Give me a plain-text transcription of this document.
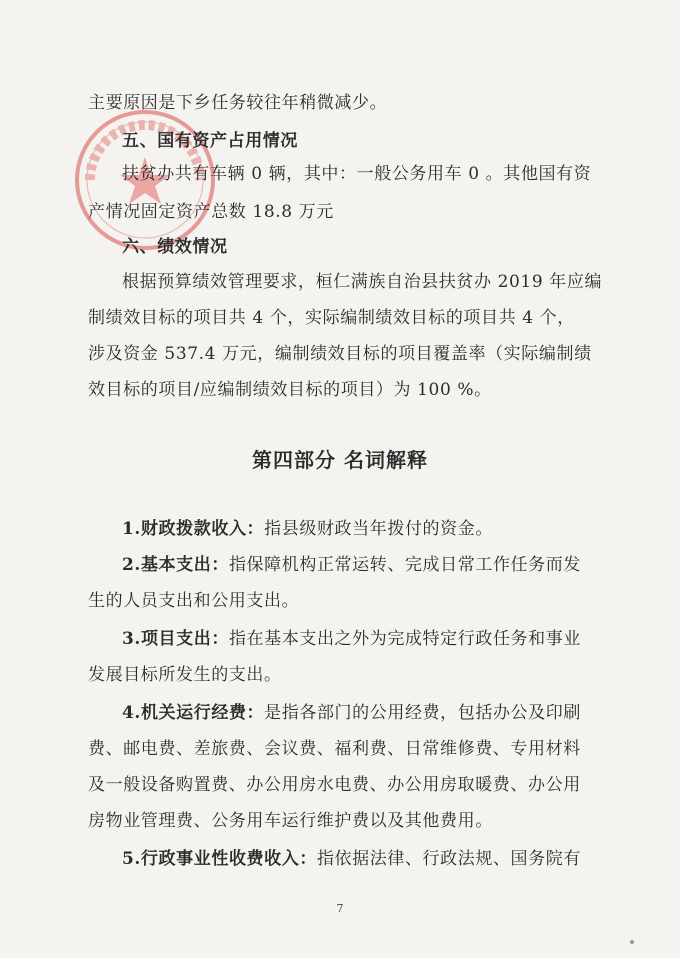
主要原因是下乡任务较往年稍微减少。
五、国有资产占用情况
扶贫办共有车辆 0 辆，其中：一般公务用车 0 。其他国有资
产情况固定资产总数 18.8 万元
六、绩效情况
根据预算绩效管理要求，桓仁满族自治县扶贫办 2019 年应编
制绩效目标的项目共 4 个，实际编制绩效目标的项目共 4 个，
涉及资金 537.4 万元，编制绩效目标的项目覆盖率（实际编制绩
效目标的项目/应编制绩效目标的项目）为 100 %。
第四部分 名词解释
1.财政拨款收入：指县级财政当年拨付的资金。
2.基本支出：指保障机构正常运转、完成日常工作任务而发
生的人员支出和公用支出。
3.项目支出：指在基本支出之外为完成特定行政任务和事业
发展目标所发生的支出。
4.机关运行经费：是指各部门的公用经费，包括办公及印刷
费、邮电费、差旅费、会议费、福利费、日常维修费、专用材料
及一般设备购置费、办公用房水电费、办公用房取暖费、办公用
房物业管理费、公务用车运行维护费以及其他费用。
5.行政事业性收费收入：指依据法律、行政法规、国务院有
7
